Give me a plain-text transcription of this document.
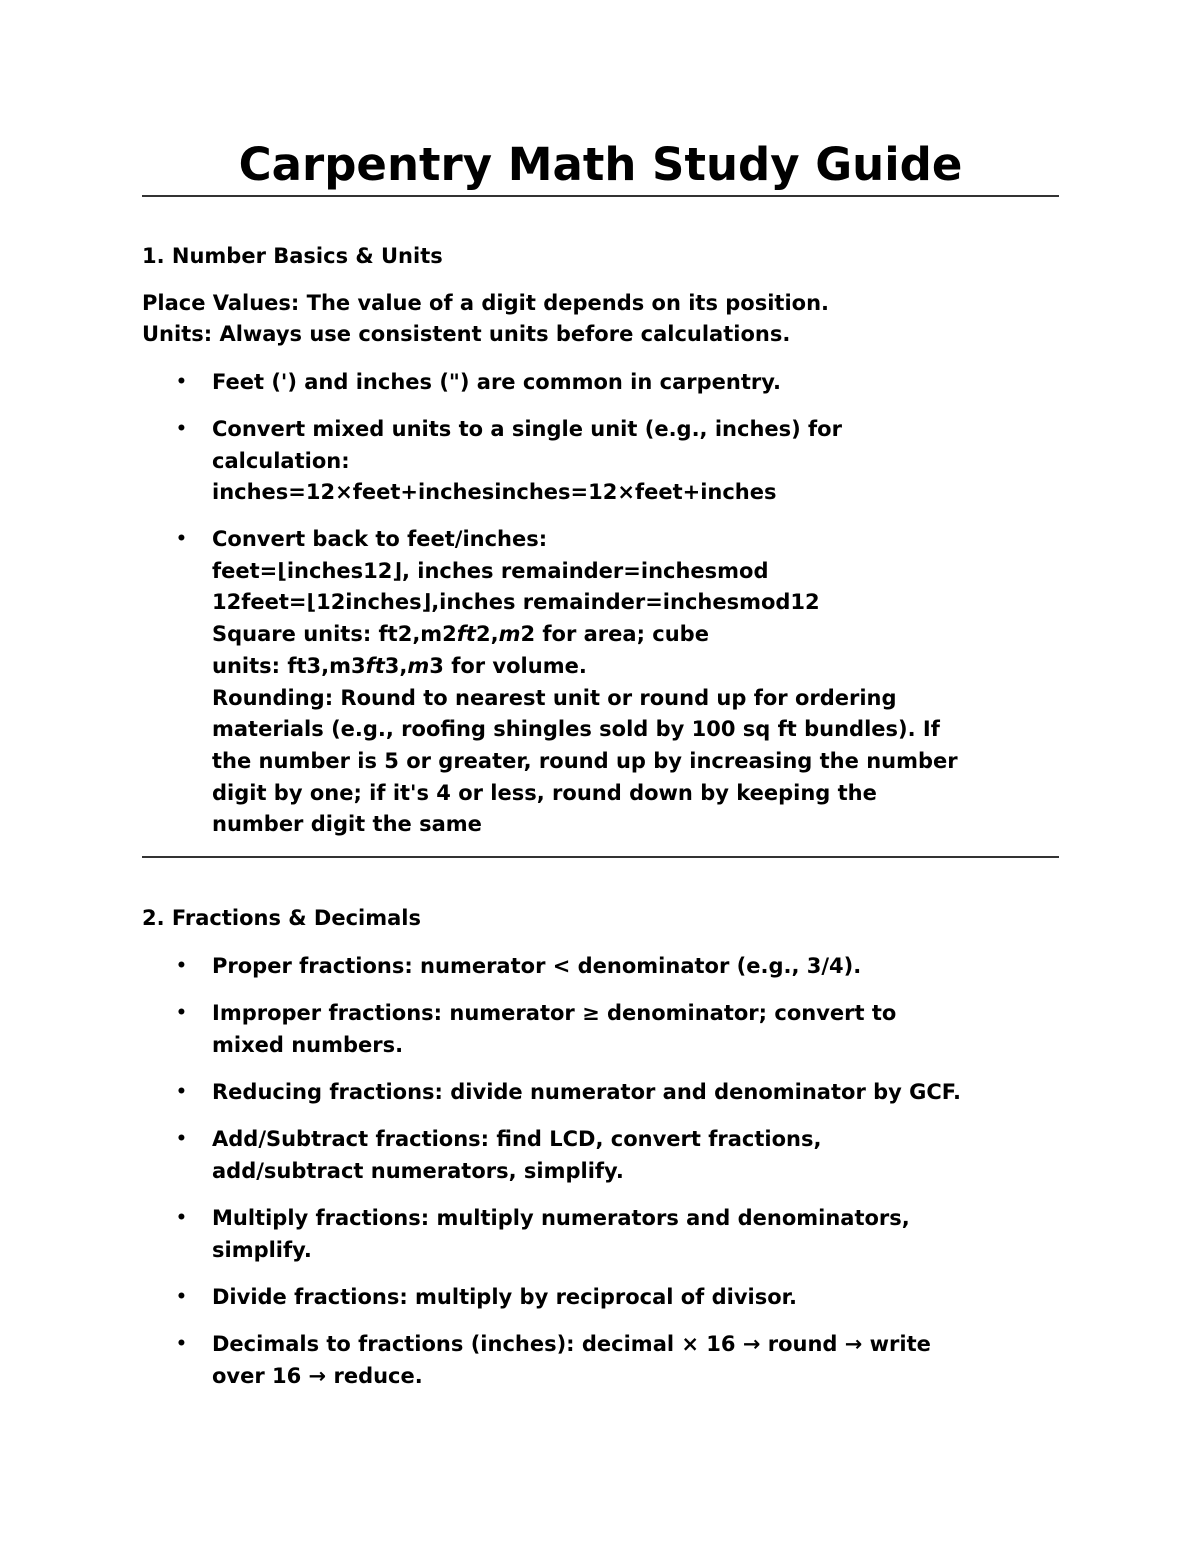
Carpentry Math Study Guide
1. Number Basics & Units

Place Values: The value of a digit depends on its position.

Units: Always use consistent units before calculations.

• Feet (') and inches (") are common in carpentry.
• Convert mixed units to a single unit (e.g., inches) for
calculation:
inches=12×feet+inchesinches=12×feet+inches
• Convert back to feet/inches:
feet=⌊inches12⌋, inches remainder=inchesmod
12feet=⌊12inches⌋,inches remainder=inchesmod12
Square units: ft2,m2ft2,m2 for area; cube
units: ft3,m3ft3,m3 for volume.
Rounding: Round to nearest unit or round up for ordering
materials (e.g., roofing shingles sold by 100 sq ft bundles). If
the number is 5 or greater, round up by increasing the number
digit by one; if it's 4 or less, round down by keeping the
number digit the same
2. Fractions & Decimals
• Proper fractions: numerator < denominator (e.g., 3/4).
• Improper fractions: numerator ≥ denominator; convert to
mixed numbers.
• Reducing fractions: divide numerator and denominator by GCF.
• Add/Subtract fractions: find LCD, convert fractions,
add/subtract numerators, simplify.
• Multiply fractions: multiply numerators and denominators,
simplify.
• Divide fractions: multiply by reciprocal of divisor.
• Decimals to fractions (inches): decimal × 16 → round → write
over 16 → reduce.
